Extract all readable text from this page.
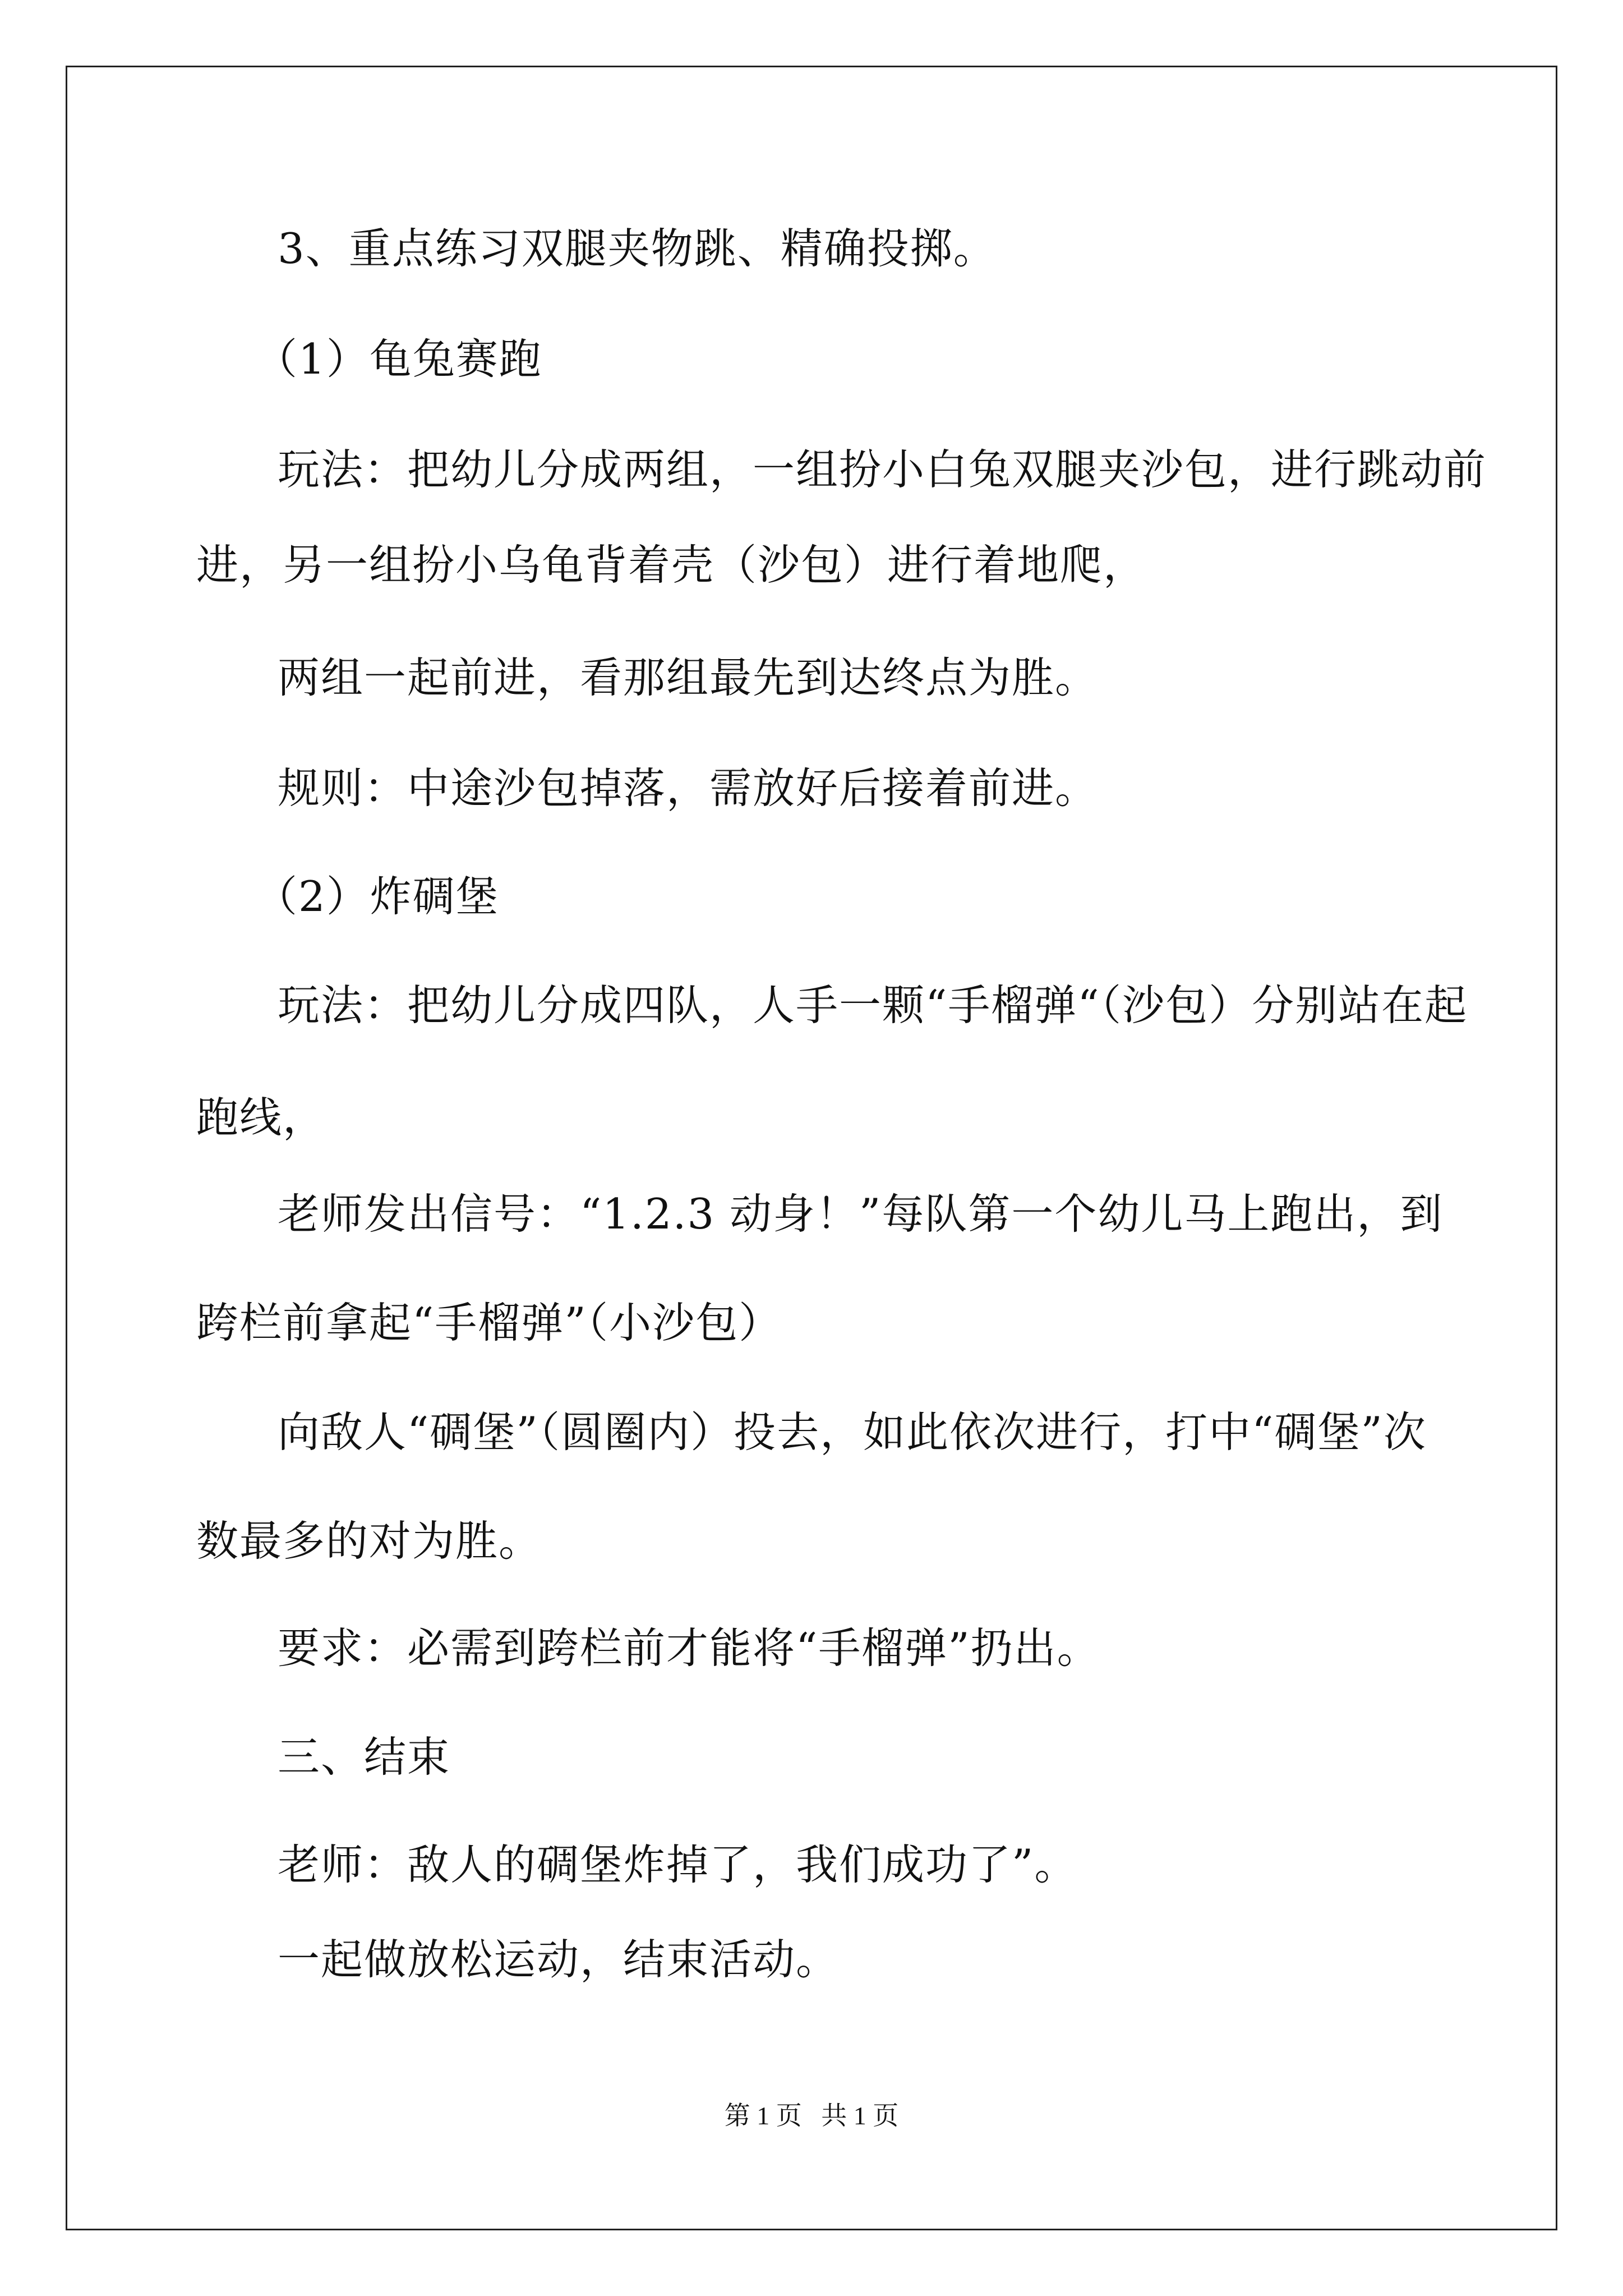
3、重点练习双腿夹物跳、精确投掷。
（1）龟兔赛跑
玩法：把幼儿分成两组，一组扮小白兔双腿夹沙包，进行跳动前
进，另一组扮小乌龟背着壳（沙包）进行着地爬，
两组一起前进，看那组最先到达终点为胜。
规则：中途沙包掉落，需放好后接着前进。
（2）炸碉堡
玩法：把幼儿分成四队，人手一颗“手榴弹“（沙包）分别站在起
跑线，
老师发出信号：“1.2.3 动身！”每队第一个幼儿马上跑出，到
跨栏前拿起“手榴弹”（小沙包）
向敌人“碉堡”（圆圈内）投去，如此依次进行，打中“碉堡”次
数最多的对为胜。
要求：必需到跨栏前才能将“手榴弹”扔出。
三、结束
老师：敌人的碉堡炸掉了，我们成功了”。
一起做放松运动，结束活动。
第 1 页   共 1 页
